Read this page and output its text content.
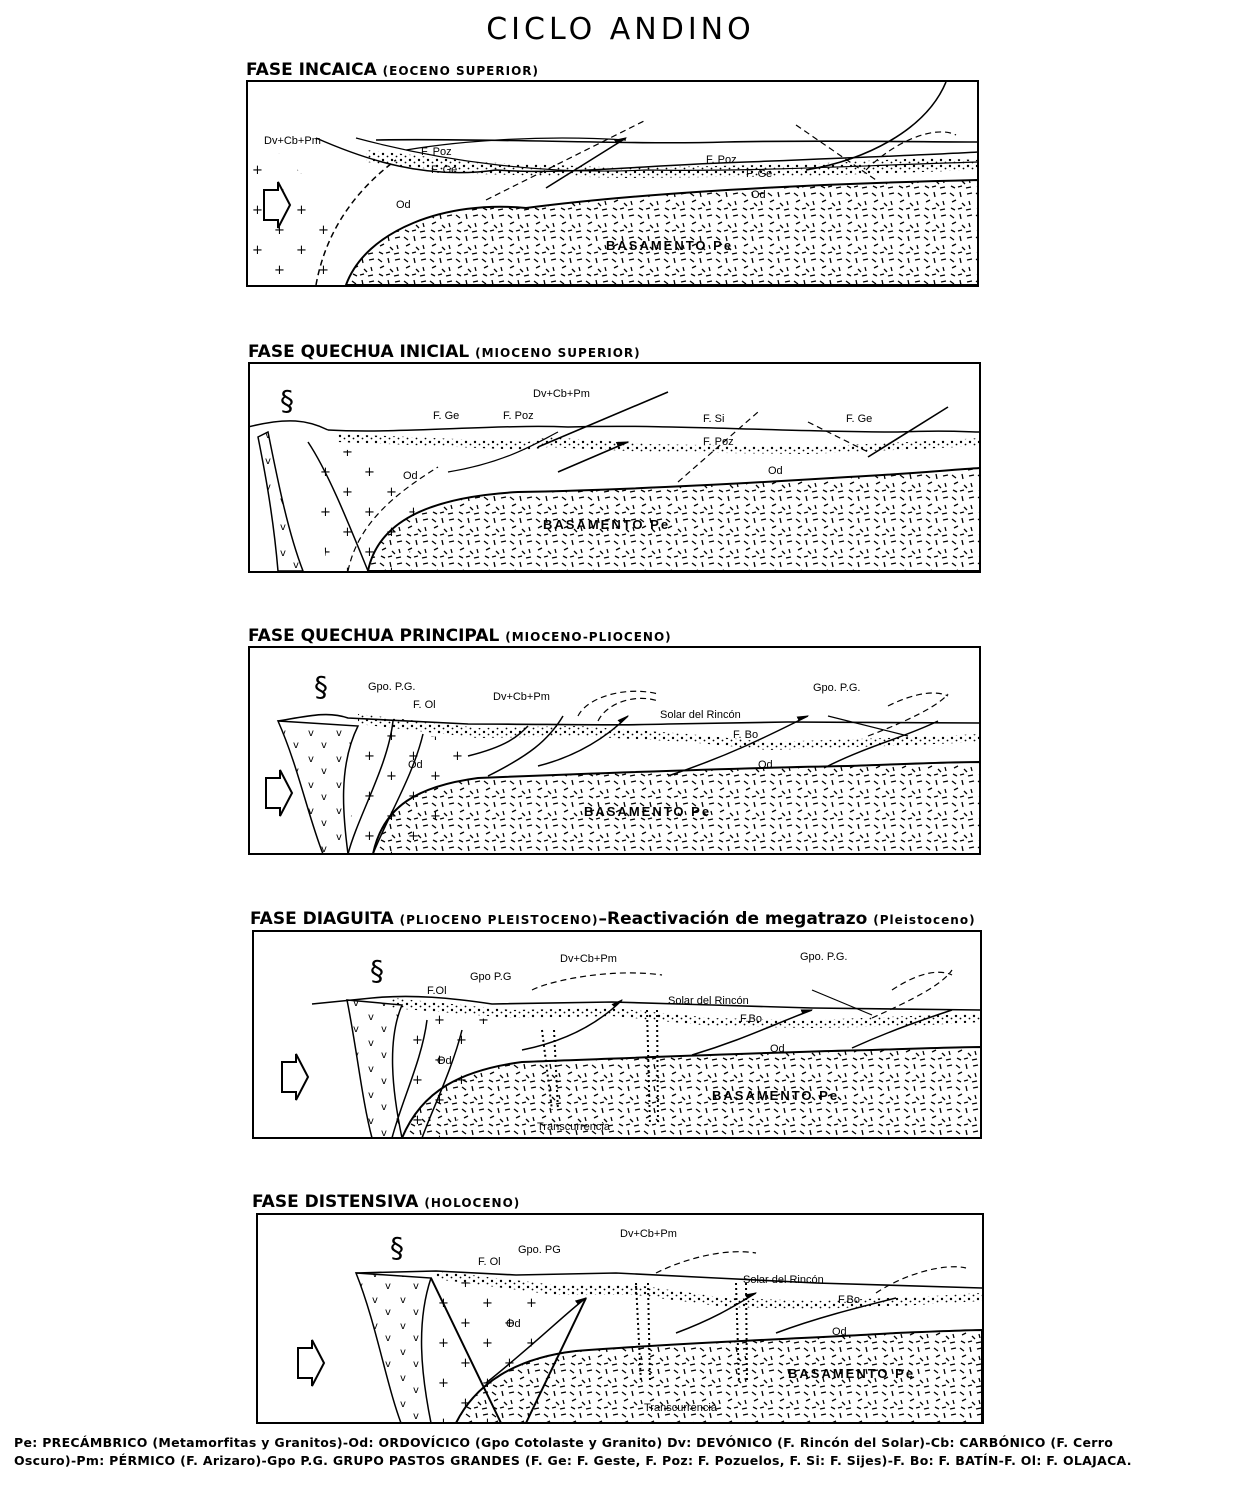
CICLO ANDINO
FASE INCAICA (EOCENO SUPERIOR)
Dv+Cb+Pm
F. Poz
F. Ge
F. Poz
F. Ge
Od
Od
BASAMENTO Pe
FASE QUECHUA INICIAL (MIOCENO SUPERIOR)
§	Dv+Cb+Pm
F. Ge	F. Poz	F. Si	F. Ge
F. Poz
Od	Od
BASAMENTO Pe
FASE QUECHUA PRINCIPAL (MIOCENO-PLIOCENO)
§	Gpo. P.G.
F. Ol
Dv+Cb+Pm
Solar del Rincón
Gpo. P.G.
F. Bo
Od	Od
BASAMENTO Pe
FASE DIAGUITA (PLIOCENO PLEISTOCENO)–Reactivación de megatrazo (Pleistoceno)
§
F.Ol
Gpo P.G
Dv+Cb+Pm	Gpo. P.G.
Solar del Rincón
F.Bo
Od
Od
BASAMENTO Pe
Transcurrencia
FASE DISTENSIVA (HOLOCENO)
§	F. Ol
Gpo. PG
Dv+Cb+Pm
Solar del Rincón
F.Bo
Od
Od
BASAMENTO Pe
Transcurrencia
Pe: PRECÁMBRICO (Metamorfitas y Granitos)-Od: ORDOVÍCICO (Gpo Cotolaste y Granito) Dv: DEVÓNICO (F. Rincón del Solar)-Cb: CARBÓNICO (F. Cerro
Oscuro)-Pm: PÉRMICO (F. Arizaro)-Gpo P.G. GRUPO PASTOS GRANDES (F. Ge: F. Geste, F. Poz: F. Pozuelos, F. Si: F. Sijes)-F. Bo: F. BATÍN-F. Ol: F. OLAJACA.
